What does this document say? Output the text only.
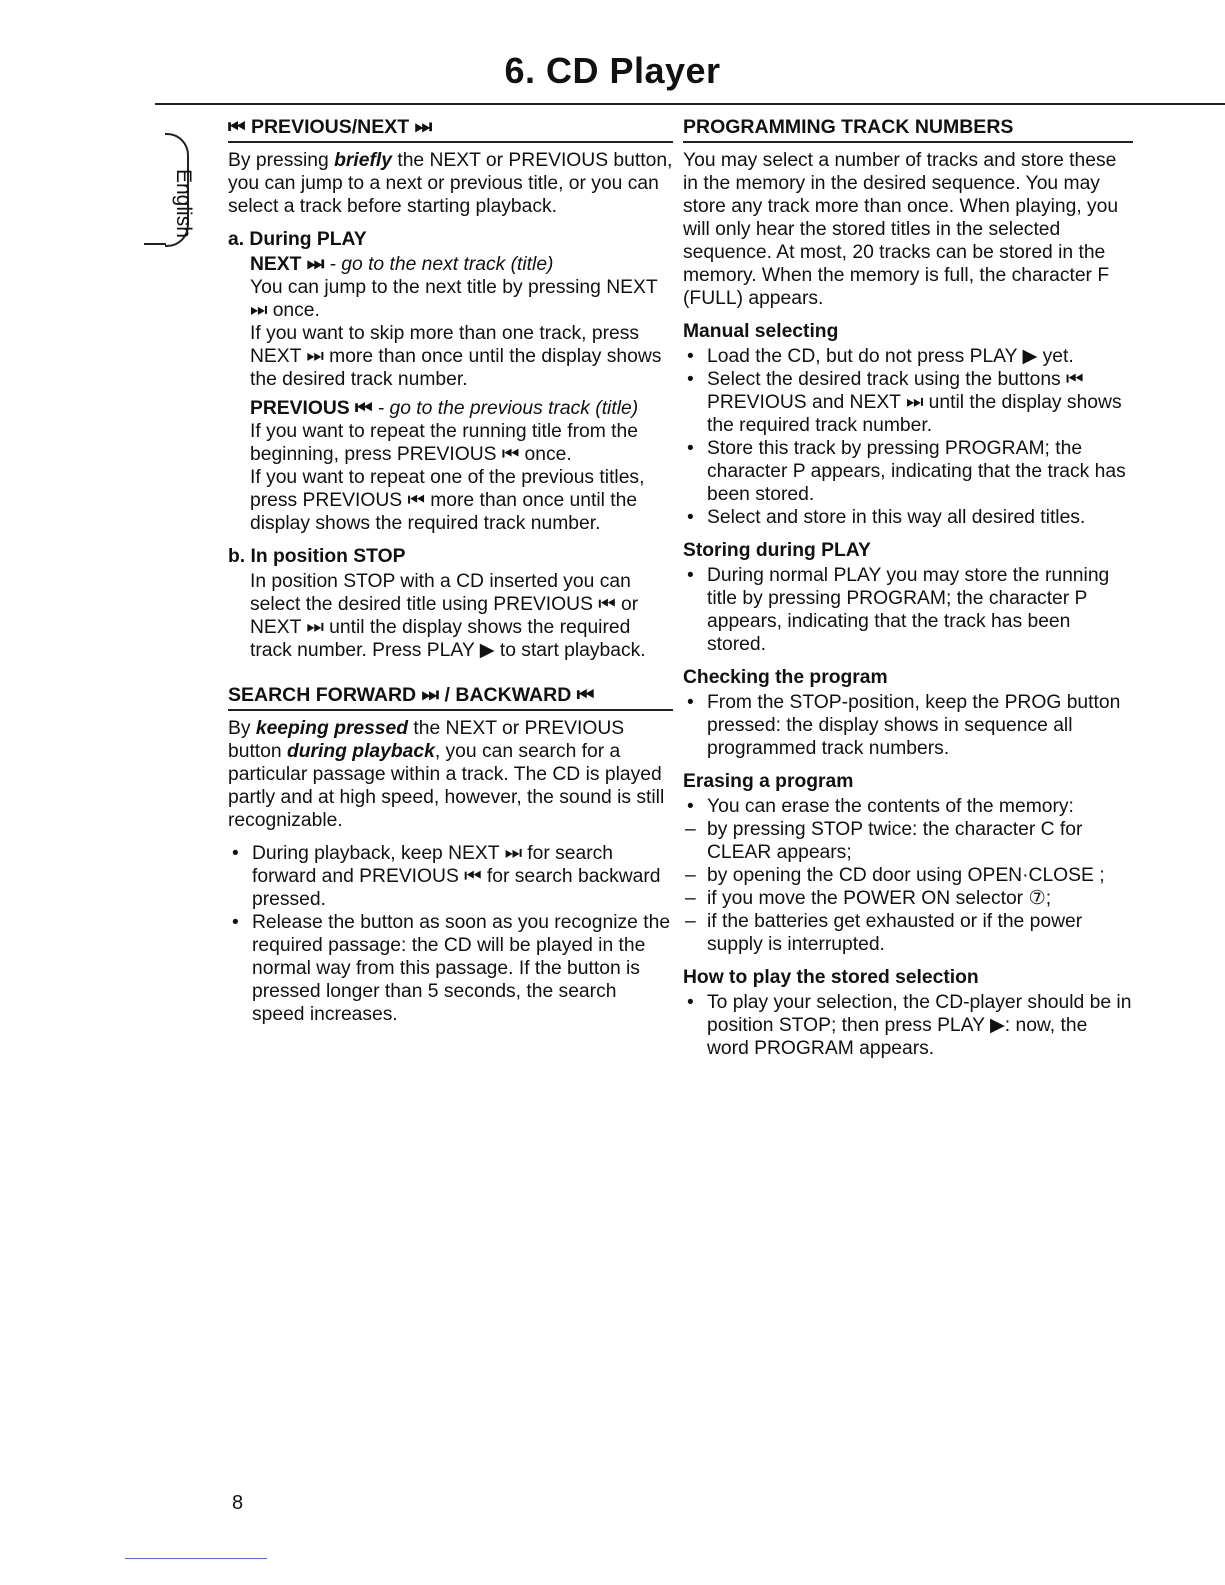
6. CD Player
English
⏮ PREVIOUS/NEXT ⏭

By pressing briefly the NEXT or PREVIOUS button, you can jump to a next or previous title, or you can select a track before starting playback.

a. During PLAY

NEXT ⏭ - go to the next track (title)

You can jump to the next title by pressing NEXT ⏭ once.

If you want to skip more than one track, press NEXT ⏭ more than once until the display shows the desired track number.

PREVIOUS ⏮ - go to the previous track (title)

If you want to repeat the running title from the beginning, press PREVIOUS ⏮ once.

If you want to repeat one of the previous titles, press PREVIOUS ⏮ more than once until the display shows the required track number.

b. In position STOP

In position STOP with a CD inserted you can select the desired title using PREVIOUS ⏮ or NEXT ⏭ until the display shows the required track number. Press PLAY ▶ to start playback.

SEARCH FORWARD ⏭ / BACKWARD ⏮

By keeping pressed the NEXT or PREVIOUS button during playback, you can search for a particular passage within a track. The CD is played partly and at high speed, however, the sound is still recognizable.

• During playback, keep NEXT ⏭ for search forward and PREVIOUS ⏮ for search backward pressed.
• Release the button as soon as you recognize the required passage: the CD will be played in the normal way from this passage. If the button is pressed longer than 5 seconds, the search speed increases.
PROGRAMMING TRACK NUMBERS

You may select a number of tracks and store these in the memory in the desired sequence. You may store any track more than once. When playing, you will only hear the stored titles in the selected sequence. At most, 20 tracks can be stored in the memory. When the memory is full, the character F (FULL) appears.

Manual selecting
• Load the CD, but do not press PLAY ▶ yet.
• Select the desired track using the buttons ⏮ PREVIOUS and NEXT ⏭ until the display shows the required track number.
• Store this track by pressing PROGRAM; the character P appears, indicating that the track has been stored.
• Select and store in this way all desired titles.
Storing during PLAY
• During normal PLAY you may store the running title by pressing PROGRAM; the character P appears, indicating that the track has been stored.
Checking the program
• From the STOP-position, keep the PROG button pressed: the display shows in sequence all programmed track numbers.
Erasing a program
• You can erase the contents of the memory:
– by pressing STOP twice: the character C for CLEAR appears;
– by opening the CD door using OPEN·CLOSE ;
– if you move the POWER ON selector ⑦;
– if the batteries get exhausted or if the power supply is interrupted.
How to play the stored selection
• To play your selection, the CD-player should be in position STOP; then press PLAY ▶: now, the word PROGRAM appears.
8
